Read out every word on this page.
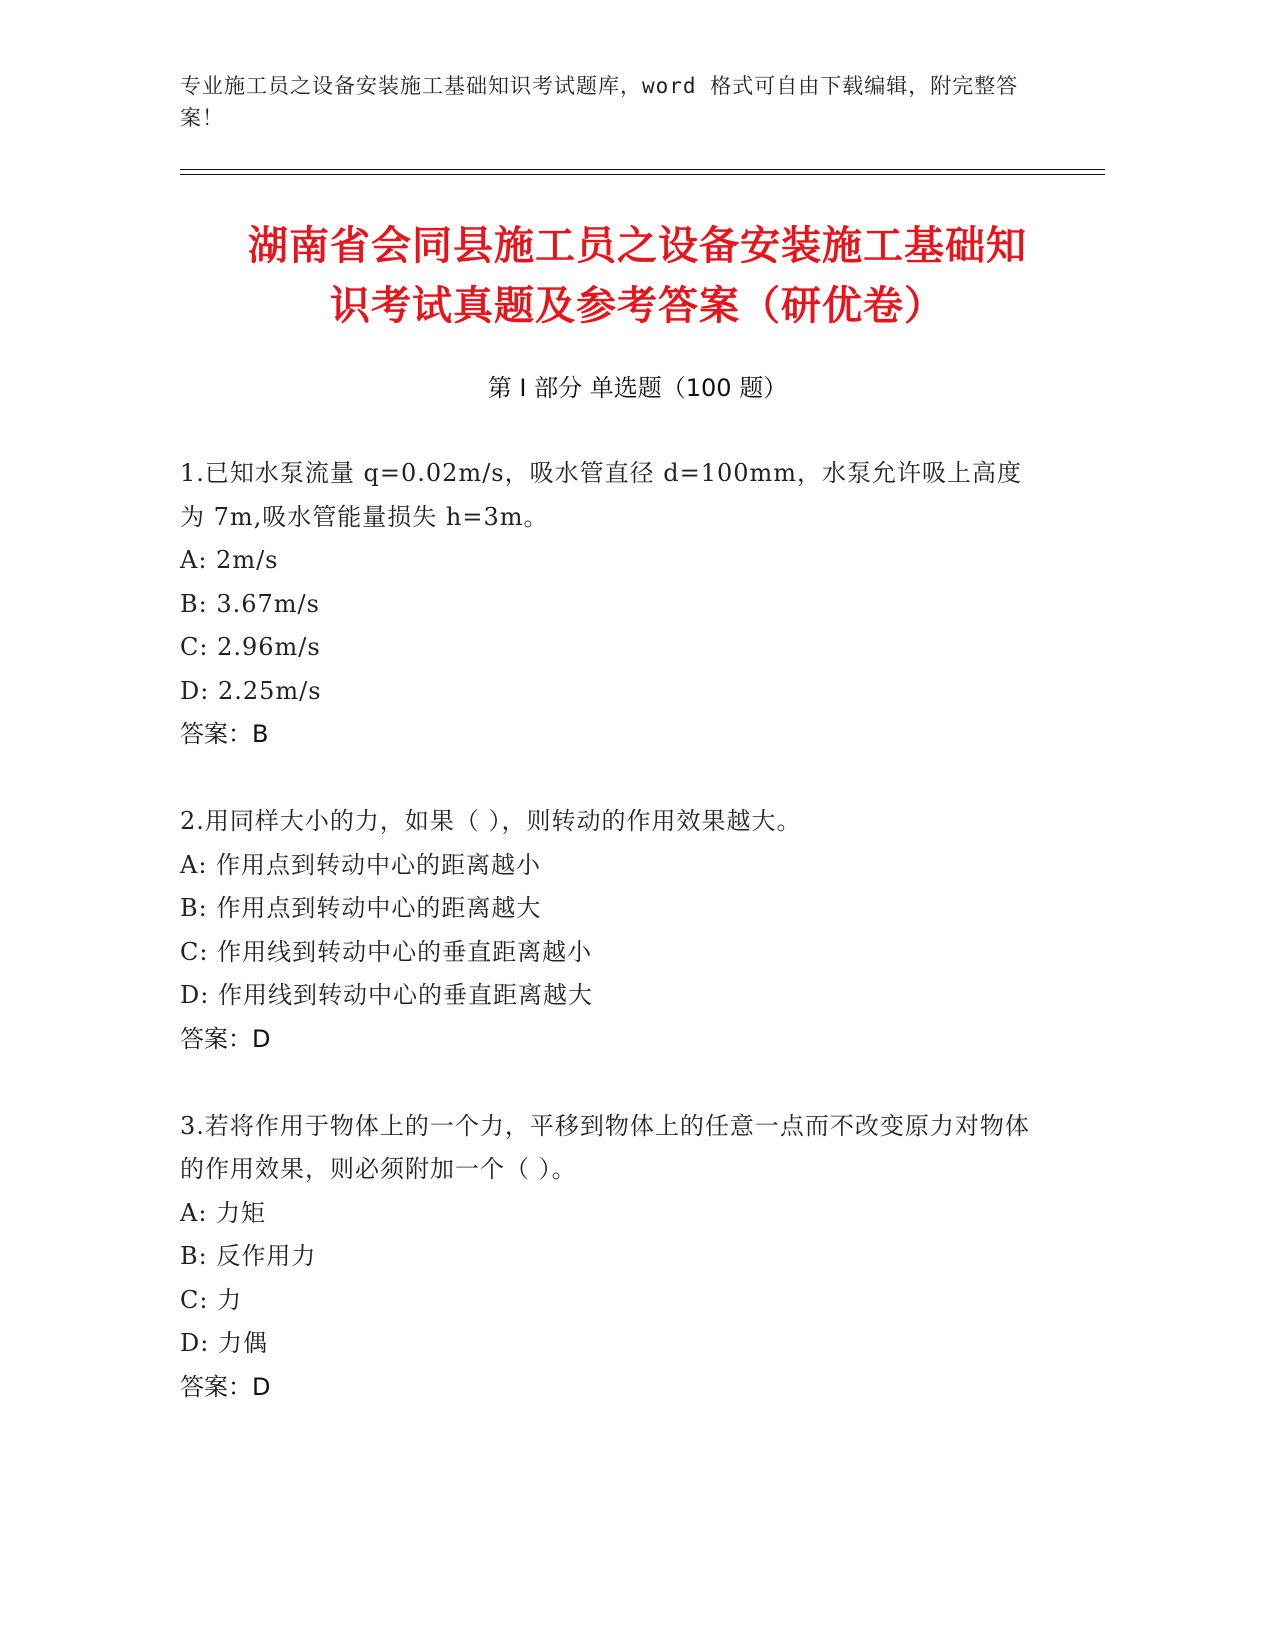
专业施工员之设备安装施工基础知识考试题库，word 格式可自由下载编辑，附完整答案！
湖南省会同县施工员之设备安装施工基础知
识考试真题及参考答案（研优卷）
第 I 部分 单选题（100 题）
1.已知水泵流量 q=0.02m/s，吸水管直径 d=100mm，水泵允许吸上高度为 7m,吸水管能量损失 h=3m。
A: 2m/s
B: 3.67m/s
C: 2.96m/s
D: 2.25m/s
答案：B
2.用同样大小的力，如果（ ），则转动的作用效果越大。
A: 作用点到转动中心的距离越小
B: 作用点到转动中心的距离越大
C: 作用线到转动中心的垂直距离越小
D: 作用线到转动中心的垂直距离越大
答案：D
3.若将作用于物体上的一个力，平移到物体上的任意一点而不改变原力对物体的作用效果，则必须附加一个（ ）。
A: 力矩
B: 反作用力
C: 力
D: 力偶
答案：D
